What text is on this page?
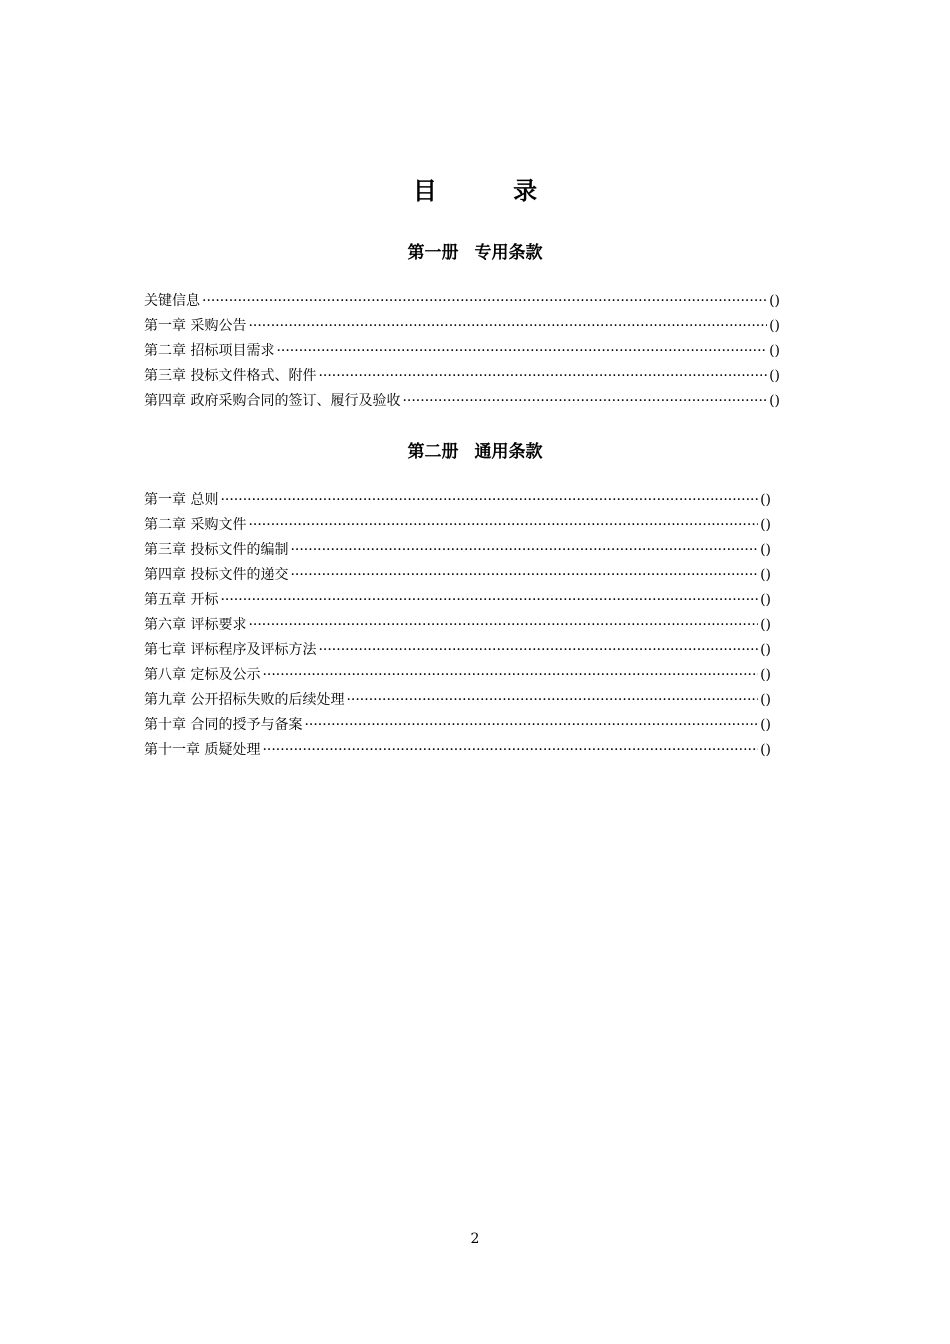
目 录
第一册 专用条款
关键信息 ·····	()
第一章 采购公告 ·····	()
第二章 招标项目需求 ·····	()
第三章 投标文件格式、附件 ·····	()
第四章 政府采购合同的签订、履行及验收 ·····	()
第二册 通用条款
第一章 总则 ·····	()
第二章 采购文件 ·····	()
第三章 投标文件的编制 ·····	()
第四章 投标文件的递交 ·····	()
第五章 开标 ·····	()
第六章 评标要求 ·····	()
第七章 评标程序及评标方法 ·····	()
第八章 定标及公示 ·····	()
第九章 公开招标失败的后续处理 ·····	()
第十章 合同的授予与备案 ·····	()
第十一章 质疑处理 ·····	()
2
